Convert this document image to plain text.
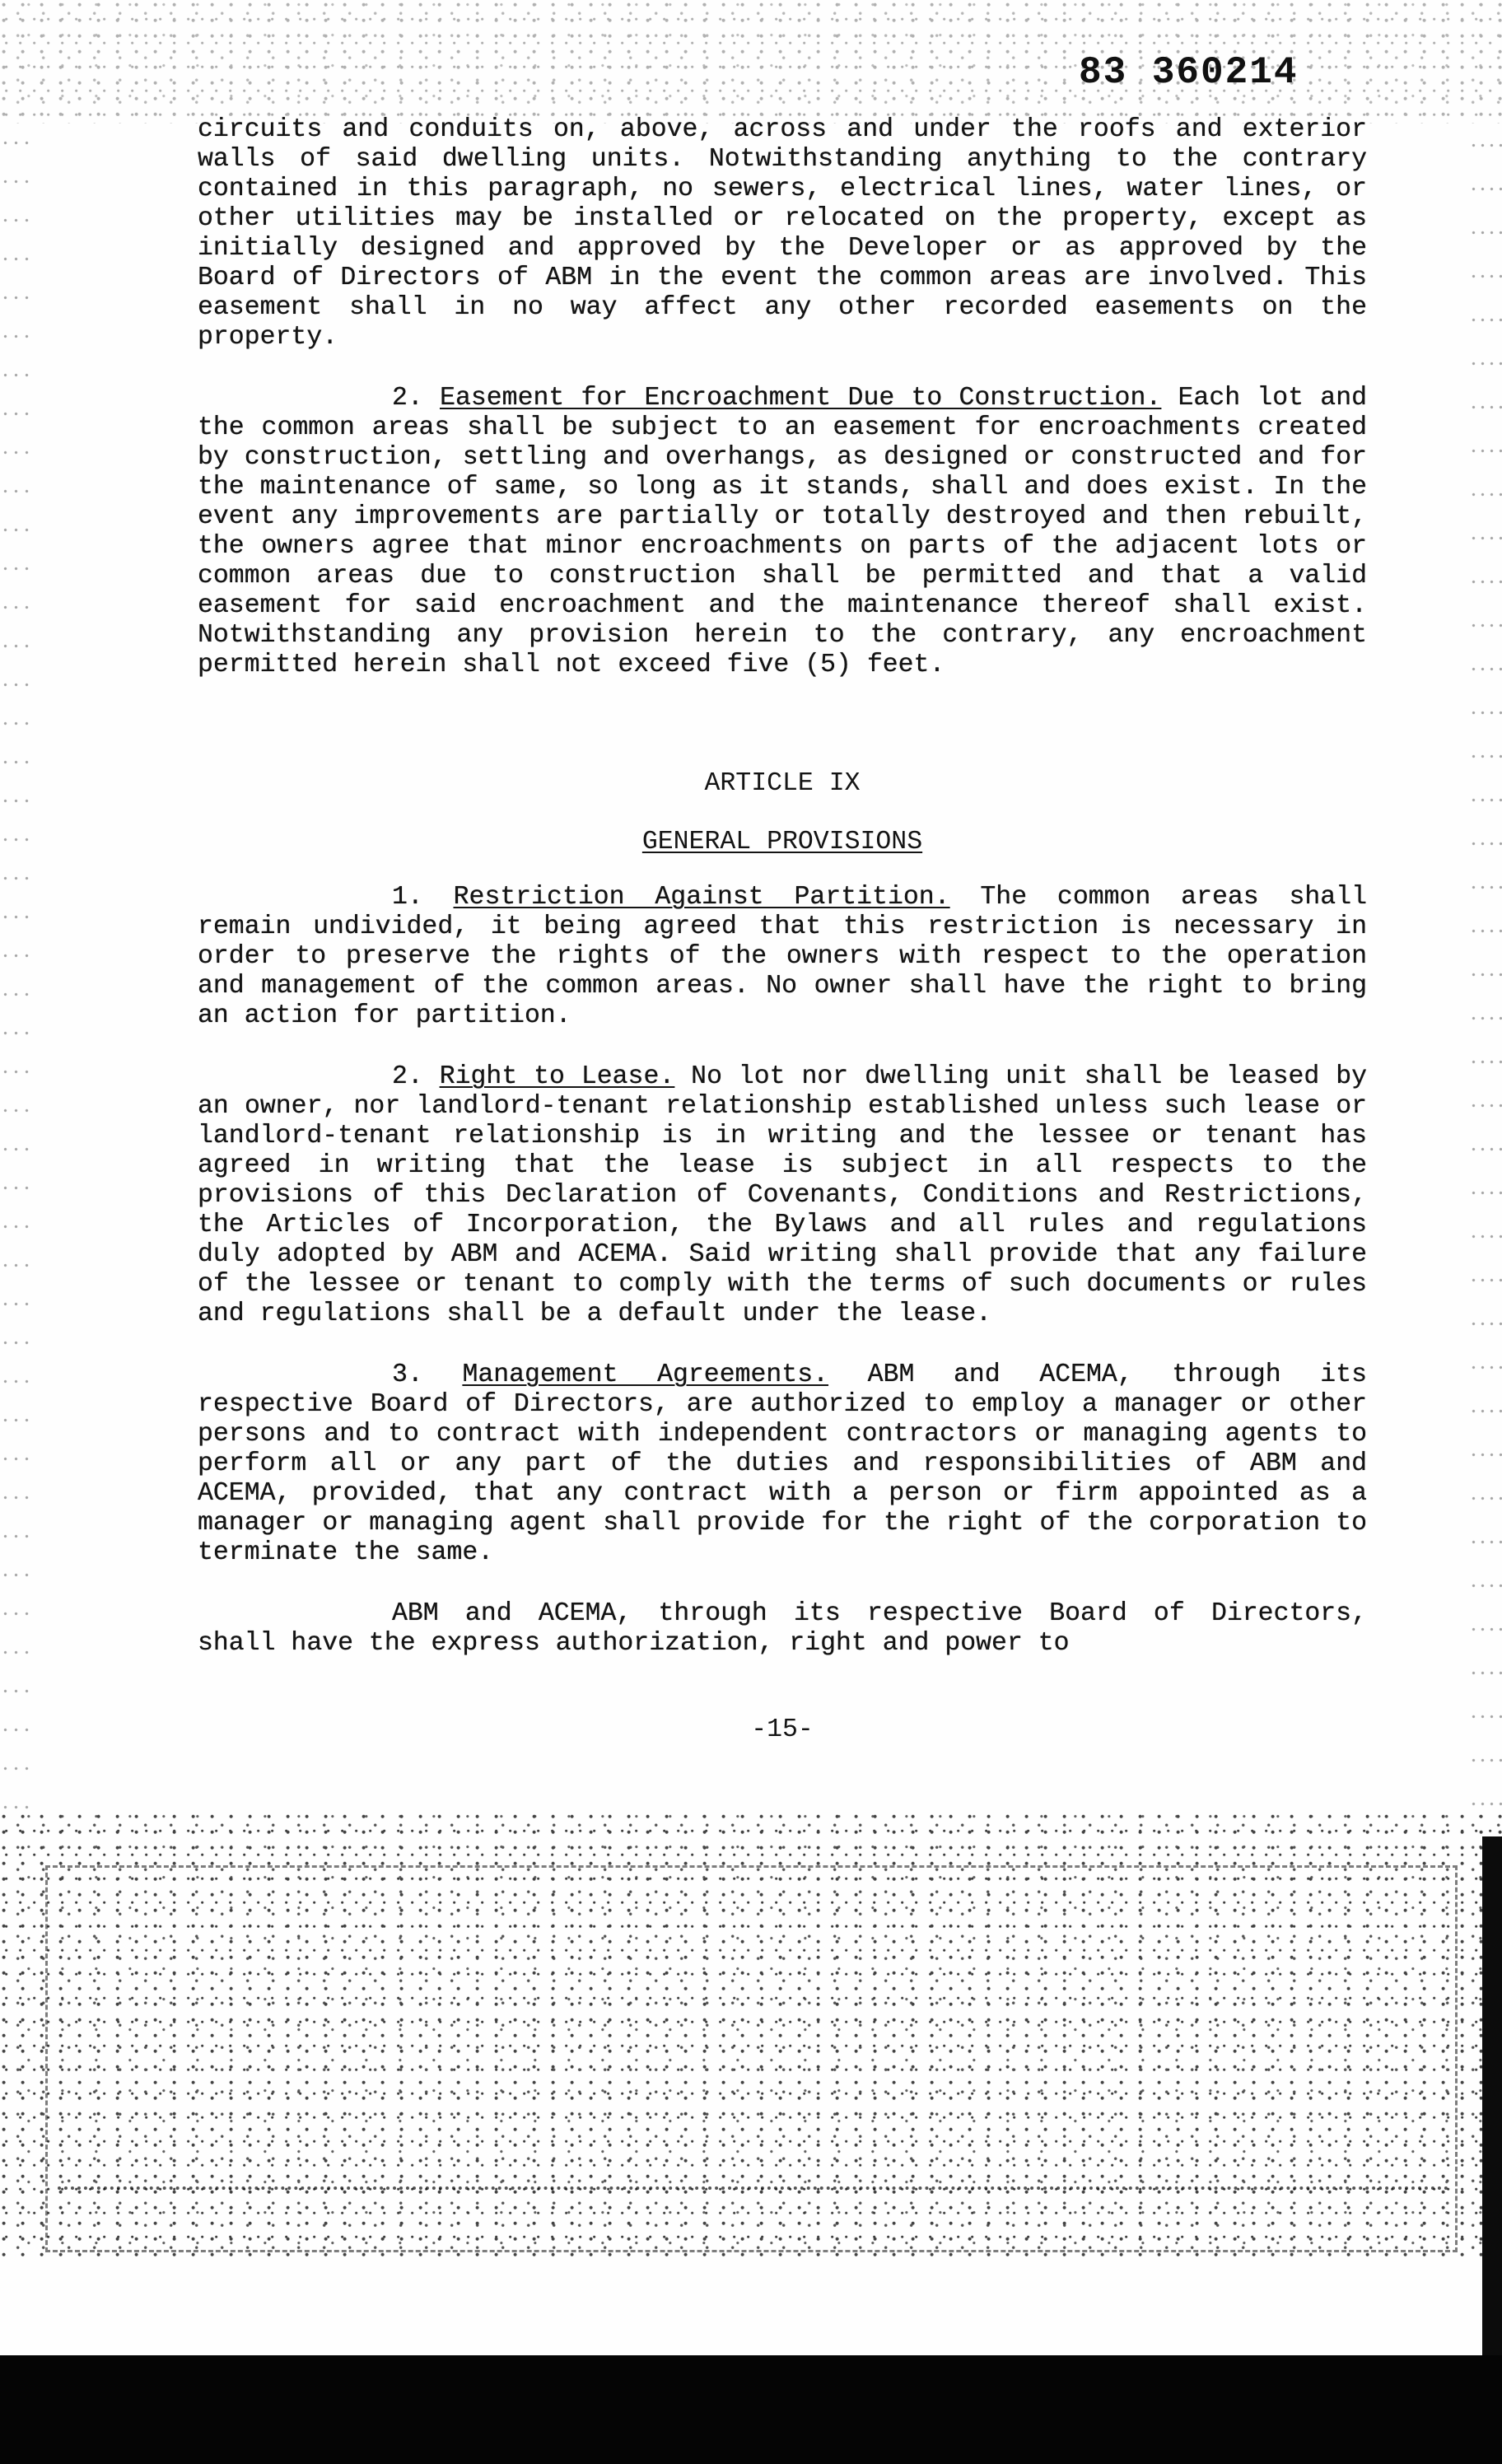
83 360214

circuits and conduits on, above, across and under the roofs and exterior walls of said dwelling units. Notwithstanding anything to the contrary contained in this paragraph, no sewers, electrical lines, water lines, or other utilities may be installed or relocated on the property, except as initially designed and approved by the Developer or as approved by the Board of Directors of ABM in the event the common areas are involved. This easement shall in no way affect any other recorded easements on the property.

2. Easement for Encroachment Due to Construction. Each lot and the common areas shall be subject to an easement for encroachments created by construction, settling and overhangs, as designed or constructed and for the maintenance of same, so long as it stands, shall and does exist. In the event any improvements are partially or totally destroyed and then rebuilt, the owners agree that minor encroachments on parts of the adjacent lots or common areas due to construction shall be permitted and that a valid easement for said encroachment and the maintenance thereof shall exist. Notwithstanding any provision herein to the contrary, any encroachment permitted herein shall not exceed five (5) feet.

ARTICLE IX
GENERAL PROVISIONS

1. Restriction Against Partition. The common areas shall remain undivided, it being agreed that this restriction is necessary in order to preserve the rights of the owners with respect to the operation and management of the common areas. No owner shall have the right to bring an action for partition.

2. Right to Lease. No lot nor dwelling unit shall be leased by an owner, nor landlord-tenant relationship established unless such lease or landlord-tenant relationship is in writing and the lessee or tenant has agreed in writing that the lease is subject in all respects to the provisions of this Declaration of Covenants, Conditions and Restrictions, the Articles of Incorporation, the Bylaws and all rules and regulations duly adopted by ABM and ACEMA. Said writing shall provide that any failure of the lessee or tenant to comply with the terms of such documents or rules and regulations shall be a default under the lease.

3. Management Agreements. ABM and ACEMA, through its respective Board of Directors, are authorized to employ a manager or other persons and to contract with independent contractors or managing agents to perform all or any part of the duties and responsibilities of ABM and ACEMA, provided, that any contract with a person or firm appointed as a manager or managing agent shall provide for the right of the corporation to terminate the same.

ABM and ACEMA, through its respective Board of Directors, shall have the express authorization, right and power to

-15-
